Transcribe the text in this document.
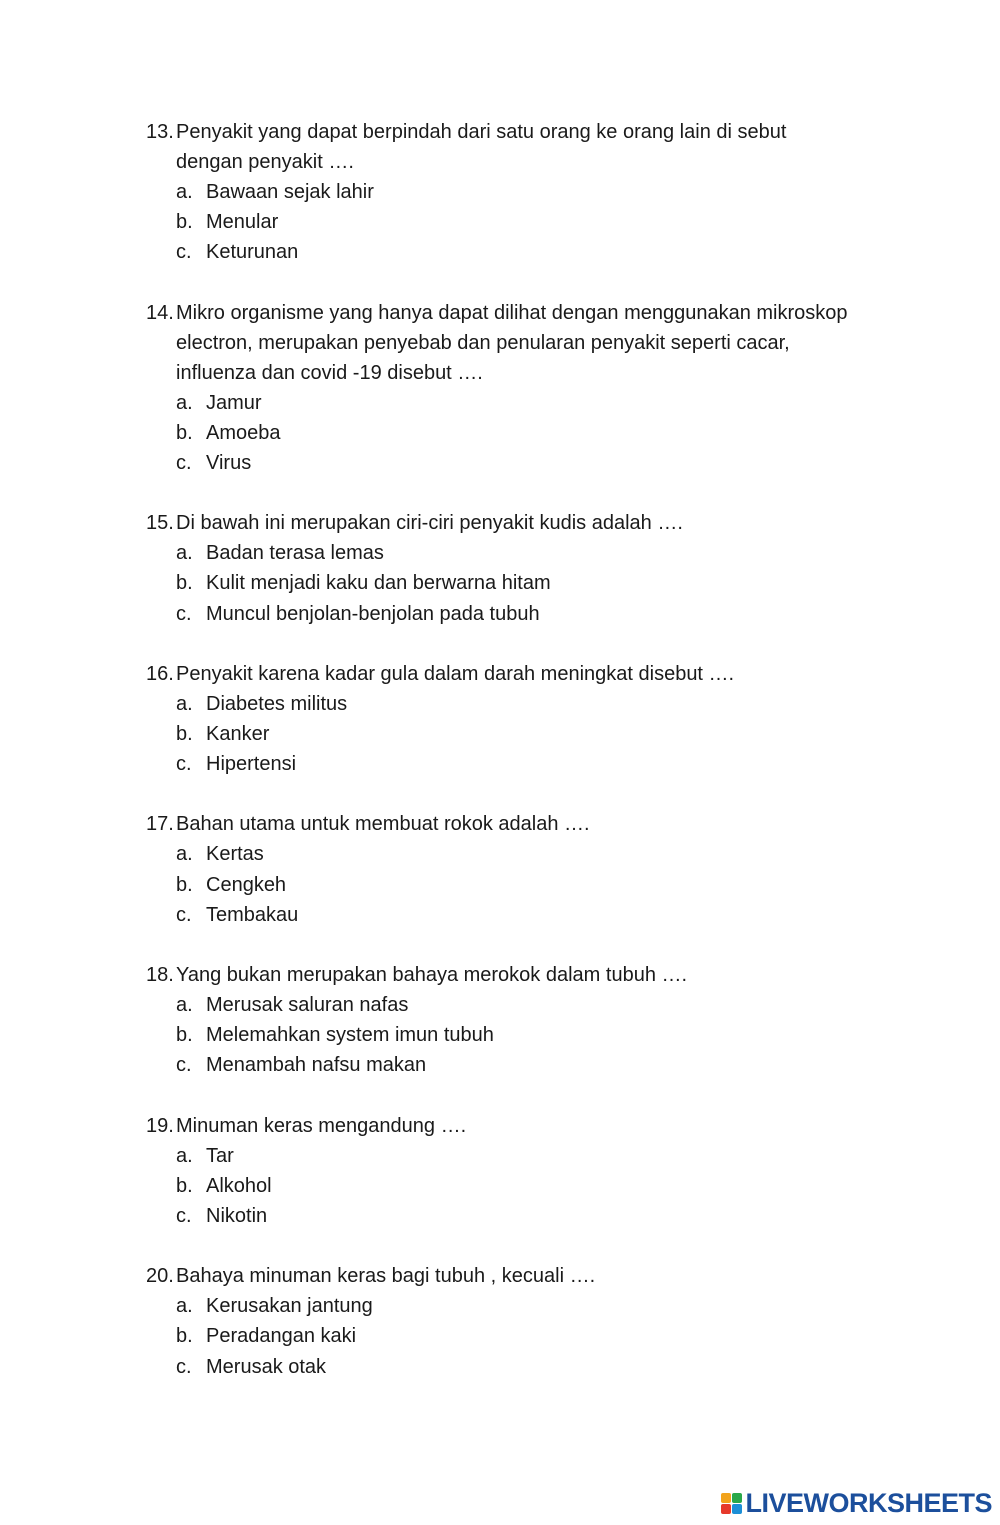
13. Penyakit yang dapat berpindah dari satu orang ke orang lain di sebut
dengan penyakit ….
a. Bawaan sejak lahir
b. Menular
c. Keturunan
14. Mikro organisme yang hanya dapat dilihat dengan menggunakan mikroskop
electron, merupakan penyebab dan penularan penyakit seperti cacar,
influenza dan covid -19 disebut ….
a. Jamur
b. Amoeba
c. Virus
15. Di bawah ini merupakan ciri-ciri penyakit kudis adalah ….
a. Badan terasa lemas
b. Kulit menjadi kaku dan berwarna hitam
c. Muncul benjolan-benjolan pada tubuh
16. Penyakit karena kadar gula dalam darah meningkat disebut ….
a. Diabetes militus
b. Kanker
c. Hipertensi
17. Bahan utama untuk membuat rokok adalah ….
a. Kertas
b. Cengkeh
c. Tembakau
18. Yang bukan merupakan bahaya merokok dalam tubuh ….
a. Merusak saluran nafas
b. Melemahkan system imun tubuh
c. Menambah nafsu makan
19. Minuman keras mengandung ….
a. Tar
b. Alkohol
c. Nikotin
20. Bahaya minuman keras bagi tubuh , kecuali ….
a. Kerusakan jantung
b. Peradangan kaki
c. Merusak otak
LIVEWORKSHEETS
